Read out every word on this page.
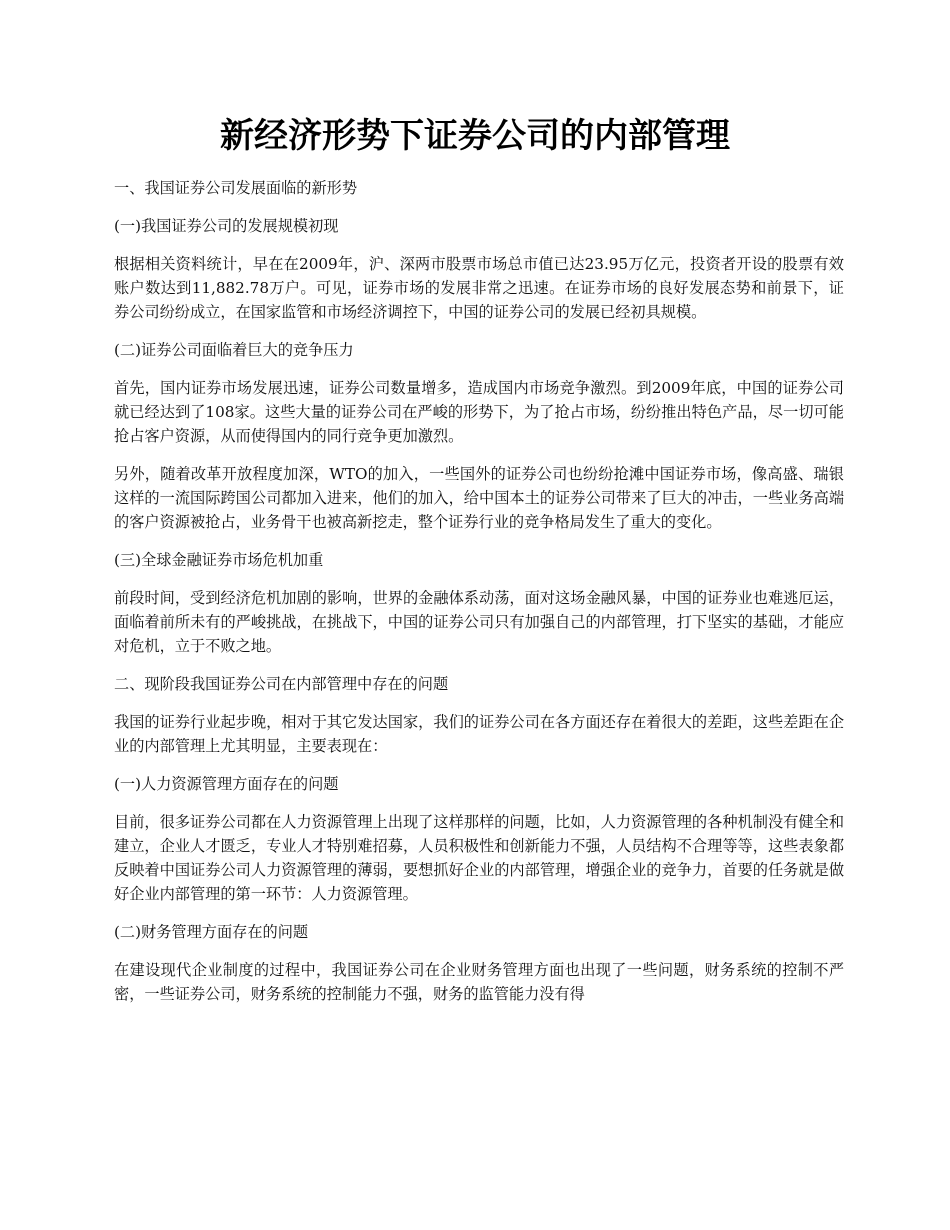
新经济形势下证券公司的内部管理

一、我国证券公司发展面临的新形势

(一)我国证券公司的发展规模初现

根据相关资料统计，早在在2009年，沪、深两市股票市场总市值已达23.95万亿元，投资者开设的股票有效账户数达到11,882.78万户。可见，证券市场的发展非常之迅速。在证券市场的良好发展态势和前景下，证券公司纷纷成立，在国家监管和市场经济调控下，中国的证券公司的发展已经初具规模。

(二)证券公司面临着巨大的竞争压力

首先，国内证券市场发展迅速，证券公司数量增多，造成国内市场竞争激烈。到2009年底，中国的证券公司就已经达到了108家。这些大量的证券公司在严峻的形势下，为了抢占市场，纷纷推出特色产品，尽一切可能抢占客户资源，从而使得国内的同行竞争更加激烈。

另外，随着改革开放程度加深，WTO的加入，一些国外的证券公司也纷纷抢滩中国证券市场，像高盛、瑞银这样的一流国际跨国公司都加入进来，他们的加入，给中国本土的证券公司带来了巨大的冲击，一些业务高端的客户资源被抢占，业务骨干也被高新挖走，整个证券行业的竞争格局发生了重大的变化。

(三)全球金融证券市场危机加重

前段时间，受到经济危机加剧的影响，世界的金融体系动荡，面对这场金融风暴，中国的证券业也难逃厄运，面临着前所未有的严峻挑战，在挑战下，中国的证券公司只有加强自己的内部管理，打下坚实的基础，才能应对危机，立于不败之地。

二、现阶段我国证券公司在内部管理中存在的问题

我国的证券行业起步晚，相对于其它发达国家，我们的证券公司在各方面还存在着很大的差距，这些差距在企业的内部管理上尤其明显，主要表现在：

(一)人力资源管理方面存在的问题

目前，很多证券公司都在人力资源管理上出现了这样那样的问题，比如，人力资源管理的各种机制没有健全和建立，企业人才匮乏，专业人才特别难招募，人员积极性和创新能力不强，人员结构不合理等等，这些表象都反映着中国证券公司人力资源管理的薄弱，要想抓好企业的内部管理，增强企业的竞争力，首要的任务就是做好企业内部管理的第一环节：人力资源管理。

(二)财务管理方面存在的问题

在建设现代企业制度的过程中，我国证券公司在企业财务管理方面也出现了一些问题，财务系统的控制不严密，一些证券公司，财务系统的控制能力不强，财务的监管能力没有得
